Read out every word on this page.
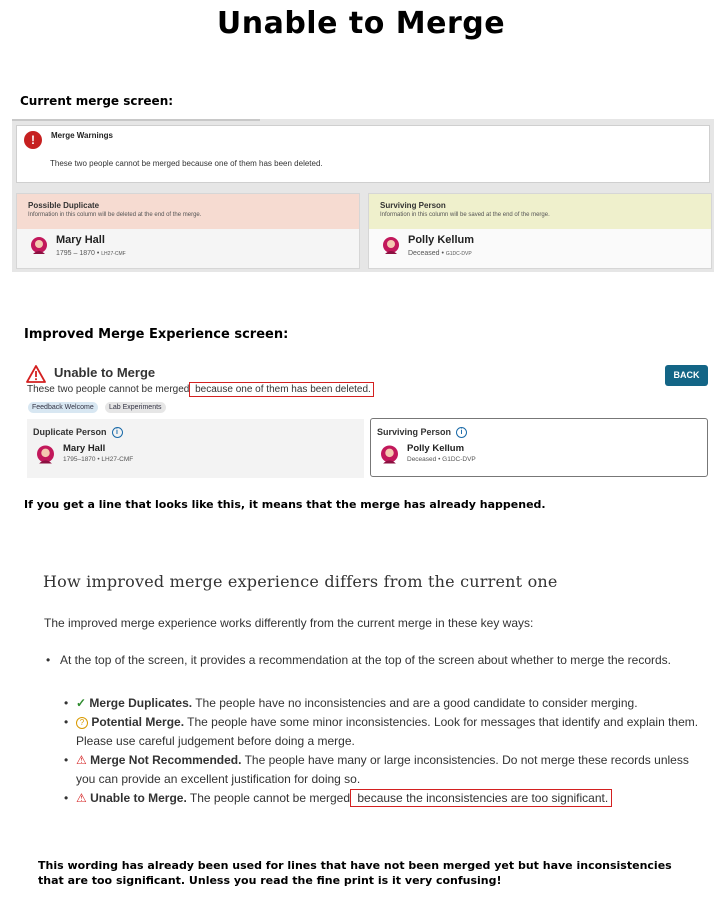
Unable to Merge
Current merge screen:
!	Merge Warnings
These two people cannot be merged because one of them has been deleted.
Possible Duplicate
Information in this column will be deleted at the end of the merge.
Mary Hall
1795 – 1870 • LH27-CMF
Surviving Person
Information in this column will be saved at the end of the merge.
Polly Kellum
Deceased • G1DC-DVP
Improved Merge Experience screen:
Unable to Merge
These two people cannot be merged because one of them has been deleted.
Feedback Welcome	Lab Experiments
BACK
Duplicate Person i
Mary Hall
1795–1870 • LH27-CMF
Surviving Person i
Polly Kellum
Deceased • G1DC-DVP
If you get a line that looks like this, it means that the merge has already happened.
How improved merge experience differs from the current one
The improved merge experience works differently from the current merge in these key ways:
• At the top of the screen, it provides a recommendation at the top of the screen about whether to merge the records.
• ✓ Merge Duplicates. The people have no inconsistencies and are a good candidate to consider merging.
•	? Potential Merge. The people have some minor inconsistencies. Look for messages that identify and explain them. Please use careful judgement before doing a merge.
• ⚠ Merge Not Recommended. The people have many or large inconsistencies. Do not merge these records unless you can provide an excellent justification for doing so.
• ⚠ Unable to Merge. The people cannot be merged because the inconsistencies are too significant.
This wording has already been used for lines that have not been merged yet but have inconsistencies that are too significant. Unless you read the fine print is it very confusing!
